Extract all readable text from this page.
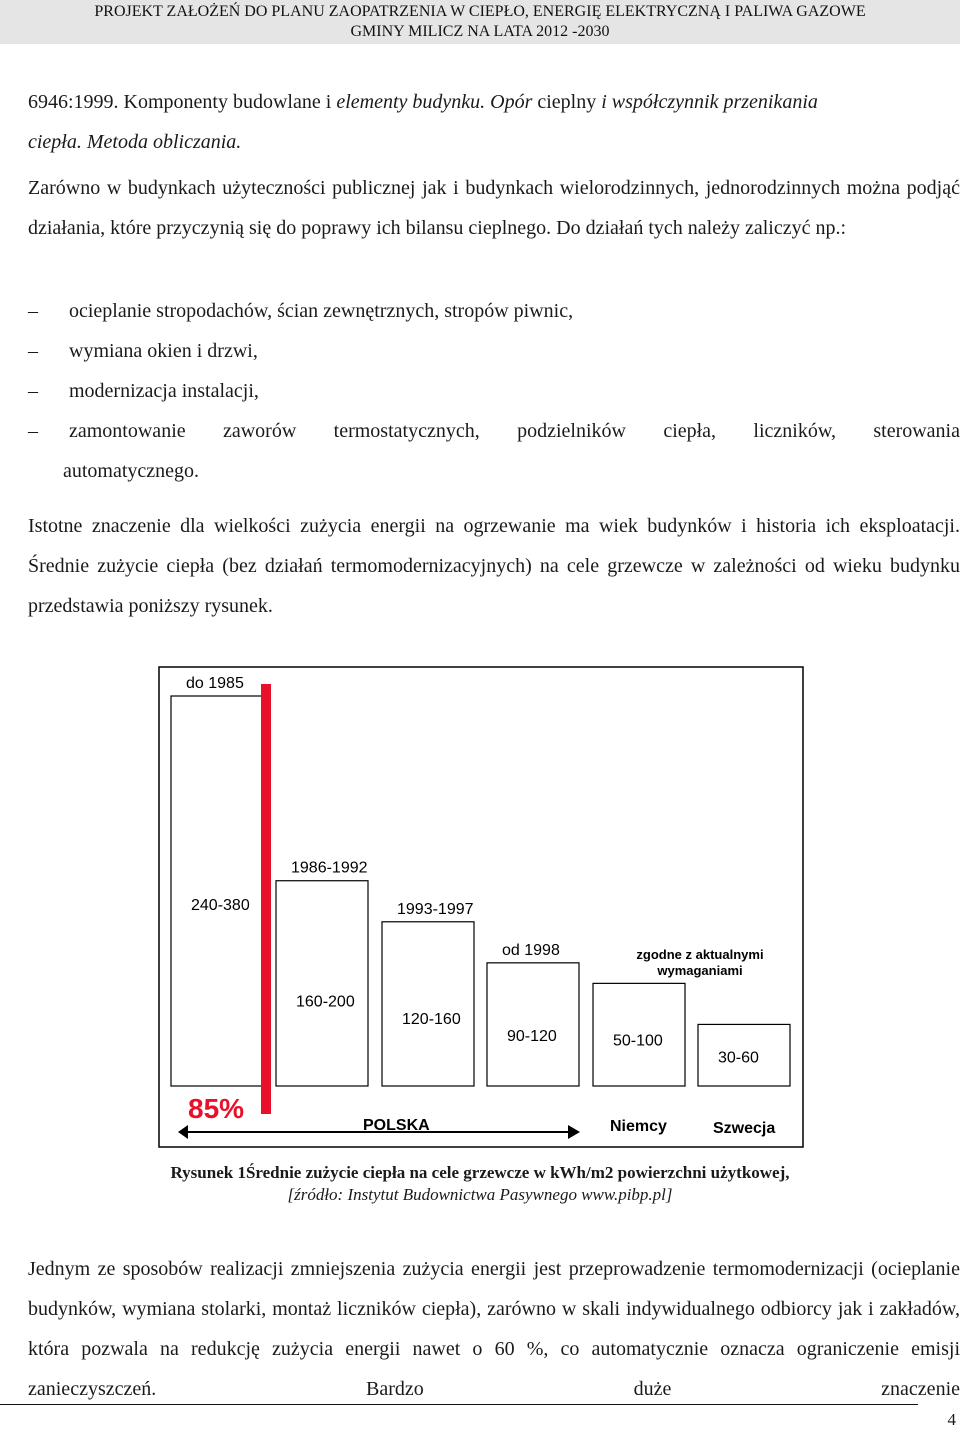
PROJEKT ZAŁOŻEŃ DO PLANU ZAOPATRZENIA W CIEPŁO, ENERGIĘ ELEKTRYCZNĄ I PALIWA GAZOWE
GMINY MILICZ NA LATA 2012 -2030

6946:1999. Komponenty budowlane i elementy budynku. Opór cieplny i współczynnik przenikania
ciepła. Metoda obliczania.

Zarówno w budynkach użyteczności publicznej jak i budynkach wielorodzinnych, jednorodzinnych można podjąć działania, które przyczynią się do poprawy ich bilansu cieplnego. Do działań tych należy zaliczyć np.:

–	ocieplanie stropodachów, ścian zewnętrznych, stropów piwnic,
–	wymiana okien i drzwi,
–	modernizacja instalacji,
–	zamontowanie zaworów termostatycznych, podzielników ciepła, liczników, sterowania
automatycznego.

Istotne znaczenie dla wielkości zużycia energii na ogrzewanie ma wiek budynków i historia ich eksploatacji. Średnie zużycie ciepła (bez działań termomodernizacyjnych) na cele grzewcze w zależności od wieku budynku przedstawia poniższy rysunek.

do 1985
240-380
1986-1992
160-200
1993-1997
120-160
od 1998
90-120	50-100
30-60
zgodne z aktualnymi
wymaganiami
85%
POLSKA	Niemcy	Szwecja
Rysunek 1Średnie zużycie ciepła na cele grzewcze w kWh/m2 powierzchni użytkowej,
[źródło: Instytut Budownictwa Pasywnego www.pibp.pl]

Jednym ze sposobów realizacji zmniejszenia zużycia energii jest przeprowadzenie termomodernizacji (ocieplanie budynków, wymiana stolarki, montaż liczników ciepła), zarówno w skali indywidualnego odbiorcy jak i zakładów, która pozwala na redukcję zużycia energii nawet o 60 %, co automatycznie oznacza ograniczenie emisji zanieczyszczeń. Bardzo duże znaczenie

4
